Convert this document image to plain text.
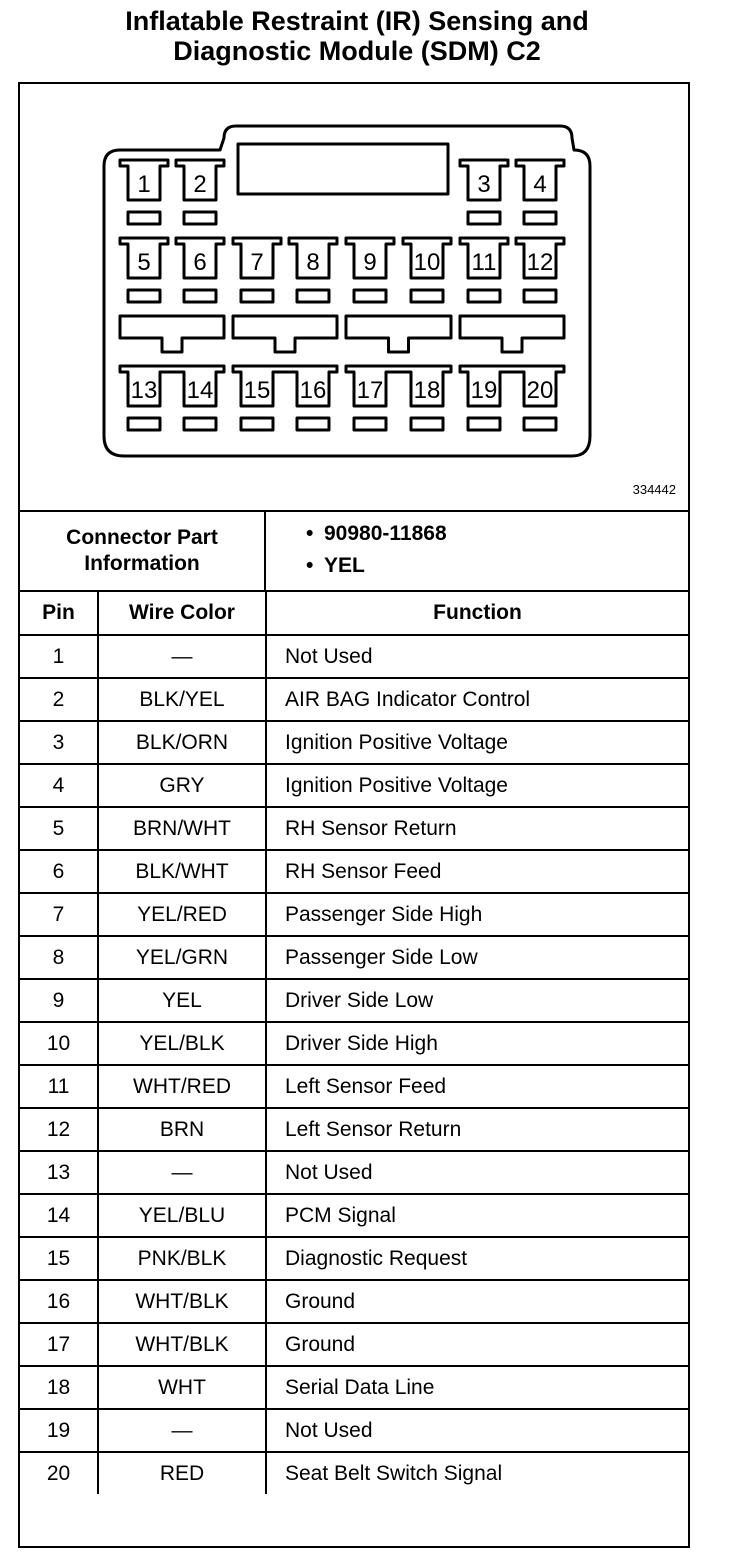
Inflatable Restraint (IR) Sensing and
Diagnostic Module (SDM) C2
1 2	3 4
5 6 7 8 9 10 11 12
13 14 15 16 17 18 19 20
334442
Connector Part
Information
• 90980-11868
• YEL
Pin	Wire Color	Function
1	—	Not Used
2	BLK/YEL	AIR BAG Indicator Control
3	BLK/ORN	Ignition Positive Voltage
4	GRY	Ignition Positive Voltage
5	BRN/WHT	RH Sensor Return
6	BLK/WHT	RH Sensor Feed
7	YEL/RED	Passenger Side High
8	YEL/GRN	Passenger Side Low
9	YEL	Driver Side Low
10	YEL/BLK	Driver Side High
11	WHT/RED	Left Sensor Feed
12	BRN	Left Sensor Return
13	—	Not Used
14	YEL/BLU	PCM Signal
15	PNK/BLK	Diagnostic Request
16	WHT/BLK	Ground
17	WHT/BLK	Ground
18	WHT	Serial Data Line
19	—	Not Used
20	RED	Seat Belt Switch Signal
